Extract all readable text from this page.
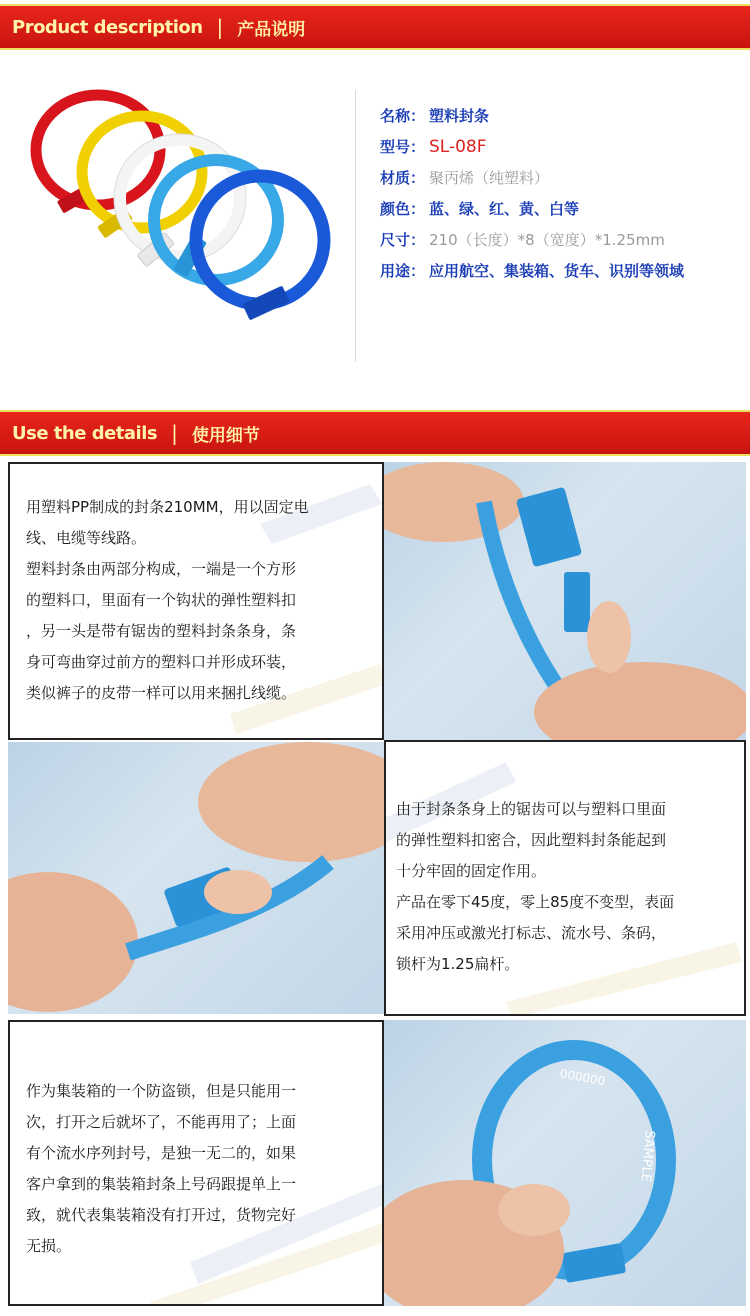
Product description | 产品说明
名称： 塑料封条
型号： SL-08F
材质： 聚丙烯（纯塑料）
颜色： 蓝、绿、红、黄、白等
尺寸： 210（长度）*8（宽度）*1.25mm
用途： 应用航空、集装箱、货车、识别等领域
Use the details | 使用细节
用塑料PP制成的封条210MM，用以固定电
线、电缆等线路。
塑料封条由两部分构成，一端是一个方形
的塑料口，里面有一个钩状的弹性塑料扣
，另一头是带有锯齿的塑料封条条身，条
身可弯曲穿过前方的塑料口并形成环装，
类似裤子的皮带一样可以用来捆扎线缆。
由于封条条身上的锯齿可以与塑料口里面
的弹性塑料扣密合，因此塑料封条能起到
十分牢固的固定作用。
产品在零下45度，零上85度不变型，表面
采用冲压或激光打标志、流水号、条码，
锁杆为1.25扁杆。
作为集装箱的一个防盗锁，但是只能用一
次，打开之后就坏了，不能再用了；上面
有个流水序列封号，是独一无二的，如果
客户拿到的集装箱封条上号码跟提单上一
致，就代表集装箱没有打开过，货物完好
无损。
000000
SAMPLE
